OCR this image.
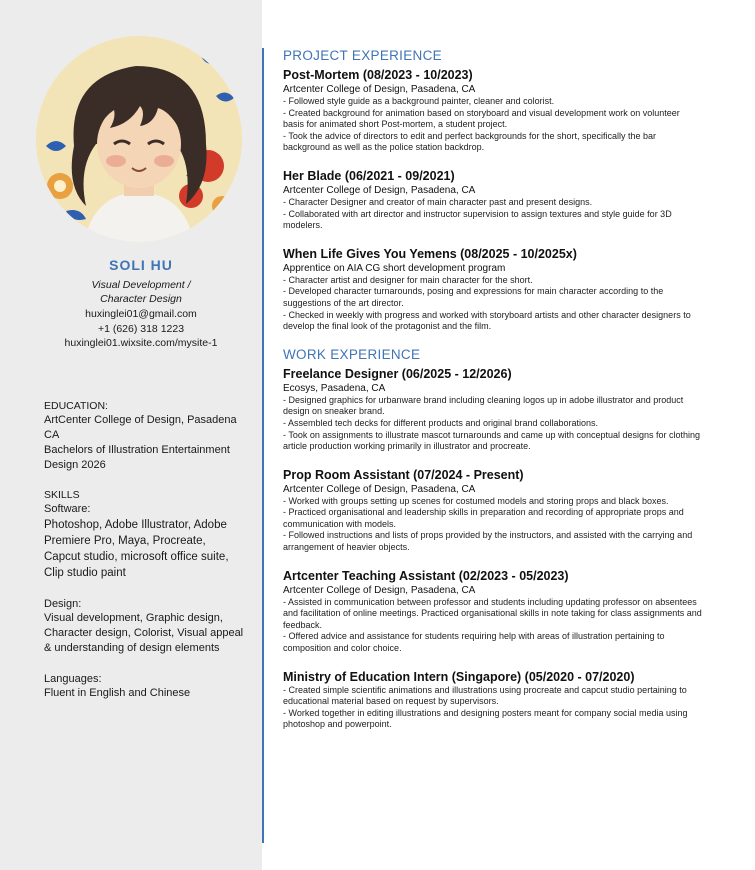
SOLI HU
Visual Development /
Character Design
huxinglei01@gmail.com
+1 (626) 318 1223
huxinglei01.wixsite.com/mysite-1
EDUCATION:
ArtCenter College of Design, Pasadena CA
Bachelors of Illustration Entertainment Design 2026
SKILLS
Software:
Photoshop, Adobe Illustrator, Adobe Premiere Pro, Maya, Procreate, Capcut studio, microsoft office suite, Clip studio paint
Design:
Visual development, Graphic design, Character design, Colorist, Visual appeal & understanding of design elements
Languages:
Fluent in English and Chinese
PROJECT EXPERIENCE
Post-Mortem (08/2023 - 10/2023)
Artcenter College of Design, Pasadena, CA
- Followed style guide as a background painter, cleaner and colorist.
- Created background for animation based on storyboard and visual development work on volunteer basis for animated short Post-mortem, a student project.
- Took the advice of directors to edit and perfect backgrounds for the short, specifically the bar background as well as the police station backdrop.
Her Blade (06/2021 - 09/2021)
Artcenter College of Design, Pasadena, CA
- Character Designer and creator of main character past and present designs.
- Collaborated with art director and instructor supervision to assign textures and style guide for 3D modelers.
When Life Gives You Yemens (08/2025 - 10/2025x)
Apprentice on AIA CG short development program
- Character artist and designer for main character for the short.
- Developed character turnarounds, posing and expressions for main character according to the suggestions of the art director.
- Checked in weekly with progress and worked with storyboard artists and other character designers to develop the final look of the protagonist and the film.
WORK EXPERIENCE
Freelance Designer (06/2025 - 12/2026)
Ecosys, Pasadena, CA
- Designed graphics for urbanware brand including cleaning logos up in adobe illustrator and product design on sneaker brand.
- Assembled tech decks for different products and original brand collaborations.
- Took on assignments to illustrate mascot turnarounds and came up with conceptual designs for clothing article production working primarily in illustrator and procreate.
Prop Room Assistant (07/2024 - Present)
Artcenter College of Design, Pasadena, CA
- Worked with groups setting up scenes for costumed models and storing props and black boxes.
- Practiced organisational and leadership skills in preparation and recording of appropriate props and communication with models.
- Followed instructions and lists of props provided by the instructors, and assisted with the carrying and arrangement of heavier objects.
Artcenter Teaching Assistant (02/2023 - 05/2023)
Artcenter College of Design, Pasadena, CA
- Assisted in communication between professor and students including updating professor on absentees and facilitation of online meetings. Practiced organisational skills in note taking for class assignments and feedback.
- Offered advice and assistance for students requiring help with areas of illustration pertaining to composition and color choice.
Ministry of Education Intern (Singapore) (05/2020 - 07/2020)
- Created simple scientific animations and illustrations using procreate and capcut studio pertaining to educational material based on request by supervisors.
- Worked together in editing illustrations and designing posters meant for company social media using photoshop and powerpoint.
